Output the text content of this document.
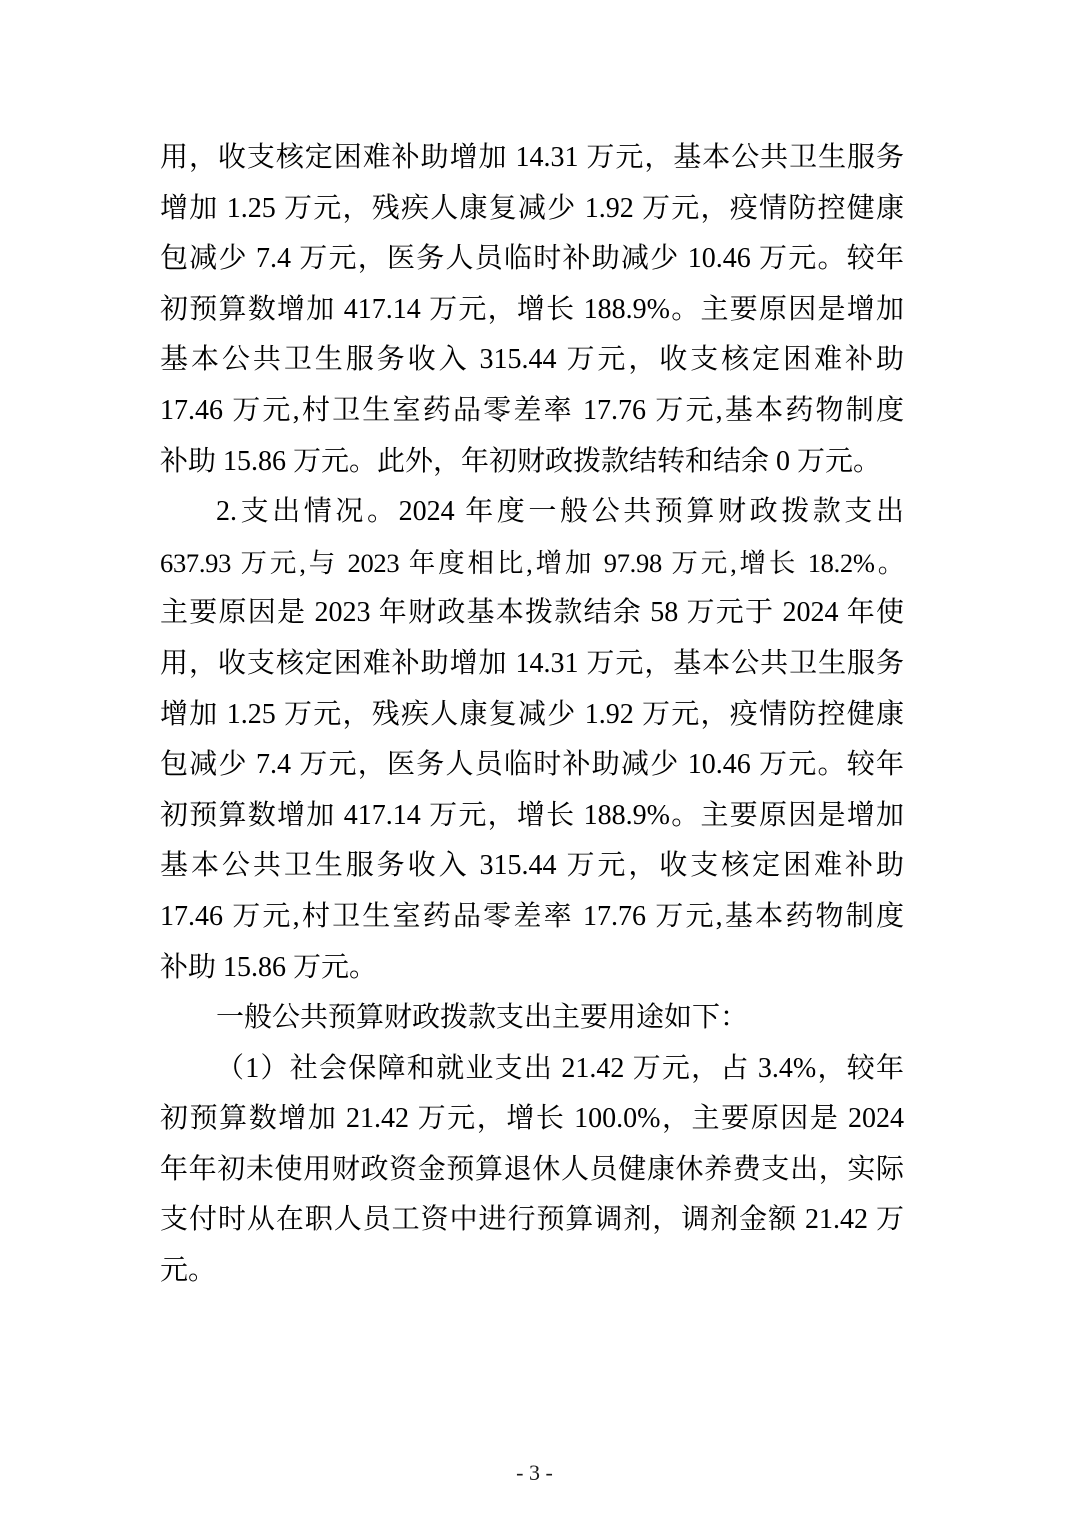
用，收支核定困难补助增加 14.31 万元，基本公共卫生服务
增加 1.25 万元，残疾人康复减少 1.92 万元，疫情防控健康
包减少 7.4 万元，医务人员临时补助减少 10.46 万元。较年
初预算数增加 417.14 万元，增长 188.9%。主要原因是增加
基本公共卫生服务收入 315.44 万元，收支核定困难补助
17.46 万元,村卫生室药品零差率 17.76 万元,基本药物制度
补助 15.86 万元。此外，年初财政拨款结转和结余 0 万元。
2.支出情况。2024 年度一般公共预算财政拨款支出
637.93 万元,与 2023 年度相比,增加 97.98 万元,增长 18.2%。
主要原因是 2023 年财政基本拨款结余 58 万元于 2024 年使
用，收支核定困难补助增加 14.31 万元，基本公共卫生服务
增加 1.25 万元，残疾人康复减少 1.92 万元，疫情防控健康
包减少 7.4 万元，医务人员临时补助减少 10.46 万元。较年
初预算数增加 417.14 万元，增长 188.9%。主要原因是增加
基本公共卫生服务收入 315.44 万元，收支核定困难补助
17.46 万元,村卫生室药品零差率 17.76 万元,基本药物制度
补助 15.86 万元。
一般公共预算财政拨款支出主要用途如下：
（1）社会保障和就业支出 21.42 万元，占 3.4%，较年
初预算数增加 21.42 万元，增长 100.0%，主要原因是 2024
年年初未使用财政资金预算退休人员健康休养费支出，实际
支付时从在职人员工资中进行预算调剂，调剂金额 21.42 万
元。
- 3 -
